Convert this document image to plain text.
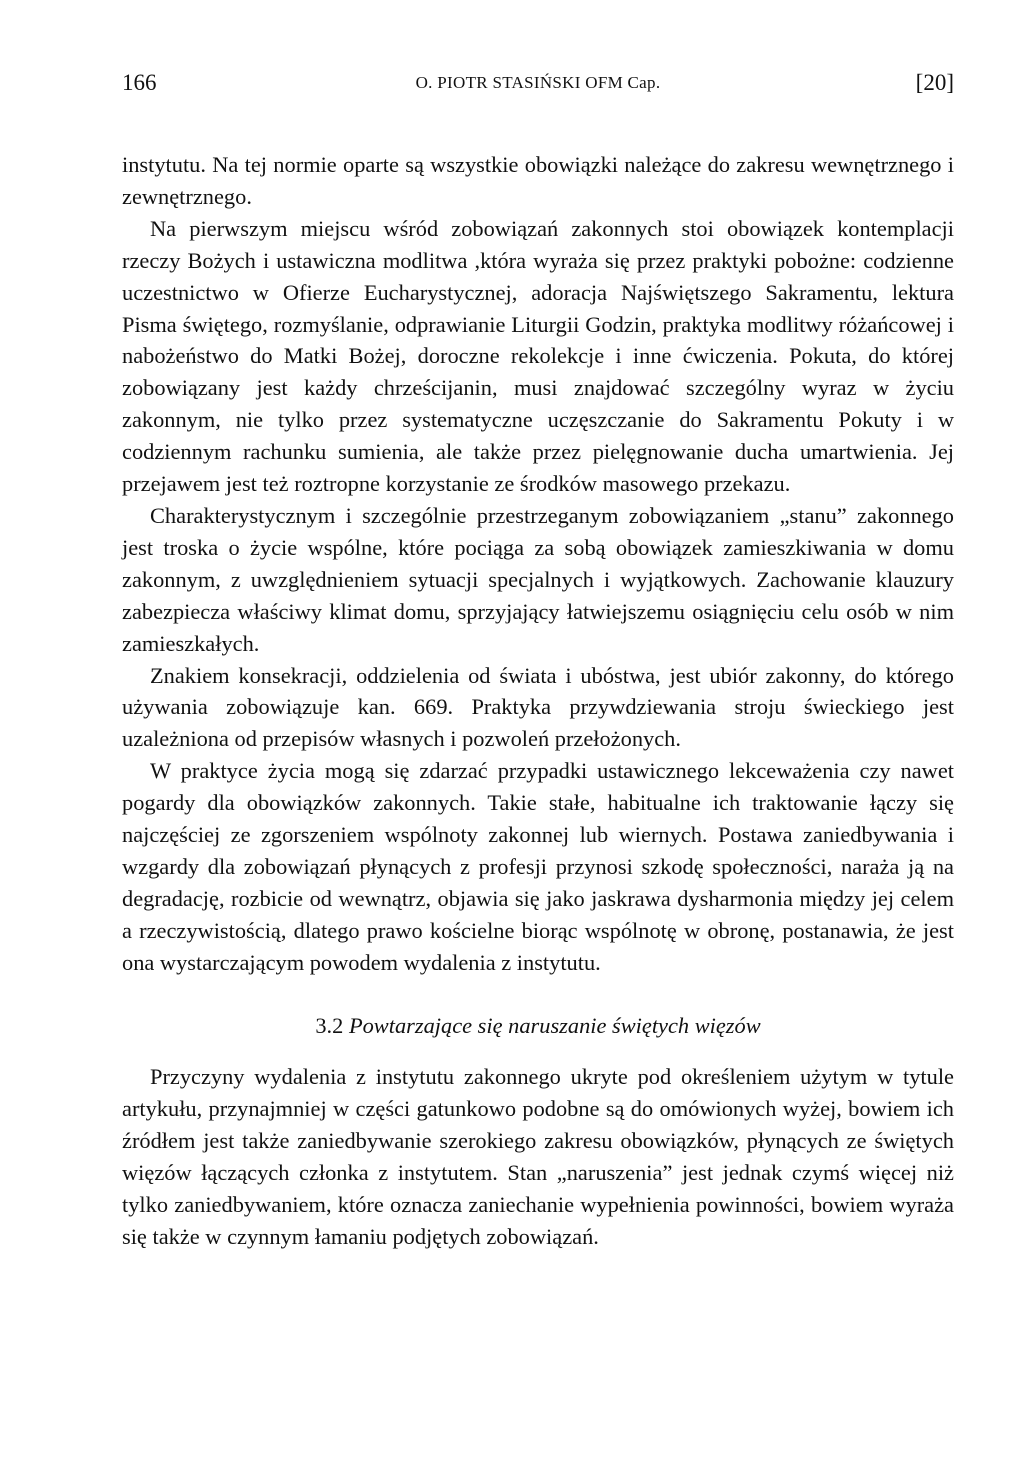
166	O. PIOTR STASIŃSKI OFM Cap.	[20]

instytutu. Na tej normie oparte są wszystkie obowiązki należące do zakresu wewnętrznego i zewnętrznego.

Na pierwszym miejscu wśród zobowiązań zakonnych stoi obowiązek kontemplacji rzeczy Bożych i ustawiczna modlitwa ,która wyraża się przez praktyki pobożne: codzienne uczestnictwo w Ofierze Eucharystycznej, adoracja Najświętszego Sakramentu, lektura Pisma świętego, rozmyślanie, odprawianie Liturgii Godzin, praktyka modlitwy różańcowej i nabożeństwo do Matki Bożej, doroczne rekolekcje i inne ćwiczenia. Pokuta, do której zobowiązany jest każdy chrześcijanin, musi znajdować szczególny wyraz w życiu zakonnym, nie tylko przez systematyczne uczęszczanie do Sakramentu Pokuty i w codziennym rachunku sumienia, ale także przez pielęgnowanie ducha umartwienia. Jej przejawem jest też roztropne korzystanie ze środków masowego przekazu.

Charakterystycznym i szczególnie przestrzeganym zobowiązaniem „stanu” zakonnego jest troska o życie wspólne, które pociąga za sobą obowiązek zamieszkiwania w domu zakonnym, z uwzględnieniem sytuacji specjalnych i wyjątkowych. Zachowanie klauzury zabezpiecza właściwy klimat domu, sprzyjający łatwiejszemu osiągnięciu celu osób w nim zamieszkałych.

Znakiem konsekracji, oddzielenia od świata i ubóstwa, jest ubiór zakonny, do którego używania zobowiązuje kan. 669. Praktyka przywdziewania stroju świeckiego jest uzależniona od przepisów własnych i pozwoleń przełożonych.

W praktyce życia mogą się zdarzać przypadki ustawicznego lekceważenia czy nawet pogardy dla obowiązków zakonnych. Takie stałe, habitualne ich traktowanie łączy się najczęściej ze zgorszeniem wspólnoty zakonnej lub wiernych. Postawa zaniedbywania i wzgardy dla zobowiązań płynących z profesji przynosi szkodę społeczności, naraża ją na degradację, rozbicie od wewnątrz, objawia się jako jaskrawa dysharmonia między jej celem a rzeczywistością, dlatego prawo kościelne biorąc wspólnotę w obronę, postanawia, że jest ona wystarczającym powodem wydalenia z instytutu.

3.2 Powtarzające się naruszanie świętych więzów

Przyczyny wydalenia z instytutu zakonnego ukryte pod określeniem użytym w tytule artykułu, przynajmniej w części gatunkowo podobne są do omówionych wyżej, bowiem ich źródłem jest także zaniedbywanie szerokiego zakresu obowiązków, płynących ze świętych więzów łączących członka z instytutem. Stan „naruszenia” jest jednak czymś więcej niż tylko zaniedbywaniem, które oznacza zaniechanie wypełnienia powinności, bowiem wyraża się także w czynnym łamaniu podjętych zobowiązań.
